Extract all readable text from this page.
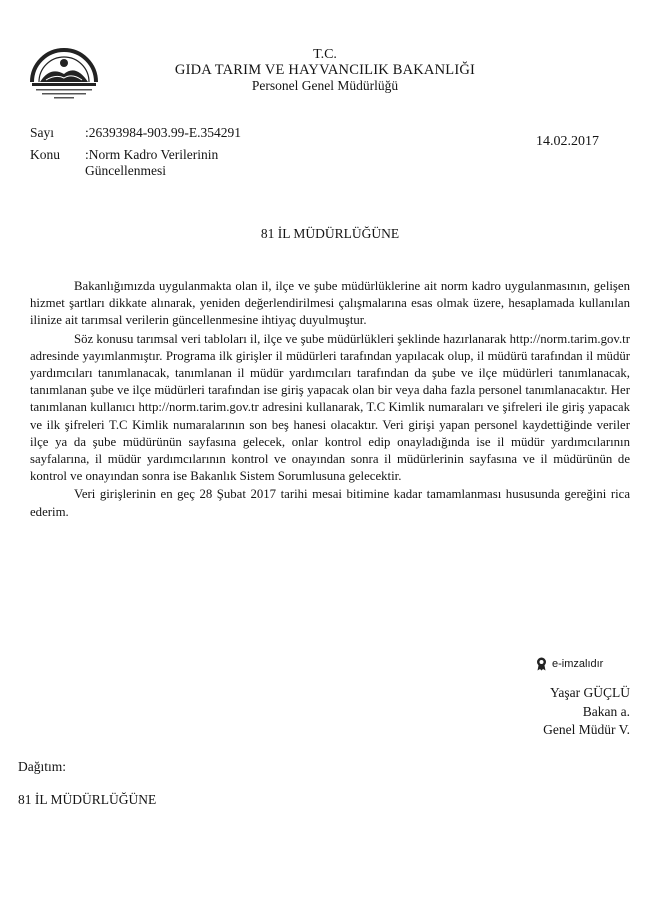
T.C.
GIDA TARIM VE HAYVANCILIK BAKANLIĞI
Personel Genel Müdürlüğü
Sayı :26393984-903.99-E.354291
Konu :Norm Kadro Verilerinin
Güncellenmesi
14.02.2017
81 İL MÜDÜRLÜĞÜNE

Bakanlığımızda uygulanmakta olan il, ilçe ve şube müdürlüklerine ait norm kadro uygulanmasının, gelişen hizmet şartları dikkate alınarak, yeniden değerlendirilmesi çalışmalarına esas olmak üzere, hesaplamada kullanılan ilinize ait tarımsal verilerin güncellenmesine ihtiyaç duyulmuştur.

Söz konusu tarımsal veri tabloları il, ilçe ve şube müdürlükleri şeklinde hazırlanarak http://norm.tarim.gov.tr adresinde yayımlanmıştır. Programa ilk girişler il müdürleri tarafından yapılacak olup, il müdürü tarafından il müdür yardımcıları tanımlanacak, tanımlanan il müdür yardımcıları tarafından da şube ve ilçe müdürleri tanımlanacak, tanımlanan şube ve ilçe müdürleri tarafından ise giriş yapacak olan bir veya daha fazla personel tanımlanacaktır. Her tanımlanan kullanıcı http://norm.tarim.gov.tr adresini kullanarak, T.C Kimlik numaraları ve şifreleri ile giriş yapacak ve ilk şifreleri T.C Kimlik numaralarının son beş hanesi olacaktır. Veri girişi yapan personel kaydettiğinde veriler ilçe ya da şube müdürünün sayfasına gelecek, onlar kontrol edip onayladığında ise il müdür yardımcılarının sayfalarına, il müdür yardımcılarının kontrol ve onayından sonra il müdürlerinin sayfasına ve il müdürünün de kontrol ve onayından sonra ise Bakanlık Sistem Sorumlusuna gelecektir.

Veri girişlerinin en geç 28 Şubat 2017 tarihi mesai bitimine kadar tamamlanması hususunda gereğini rica ederim.

e-imzalıdır
Yaşar GÜÇLÜ
Bakan a.
Genel Müdür V.
Dağıtım:
81 İL MÜDÜRLÜĞÜNE
